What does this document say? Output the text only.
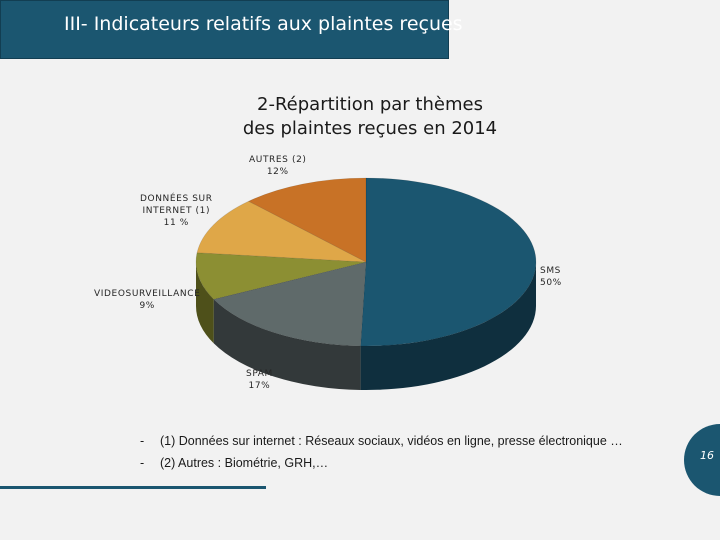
III- Indicateurs relatifs aux plaintes reçues
2-Répartition par thèmes
des plaintes reçues en 2014
SMS
50%
SPAM
17%
VIDEOSURVEILLANCE
9%
DONNÉES SUR
INTERNET (1)
11 %
AUTRES (2)
12%
- (1) Données sur internet : Réseaux sociaux, vidéos en ligne, presse électronique …
- (2) Autres : Biométrie, GRH,…
16
